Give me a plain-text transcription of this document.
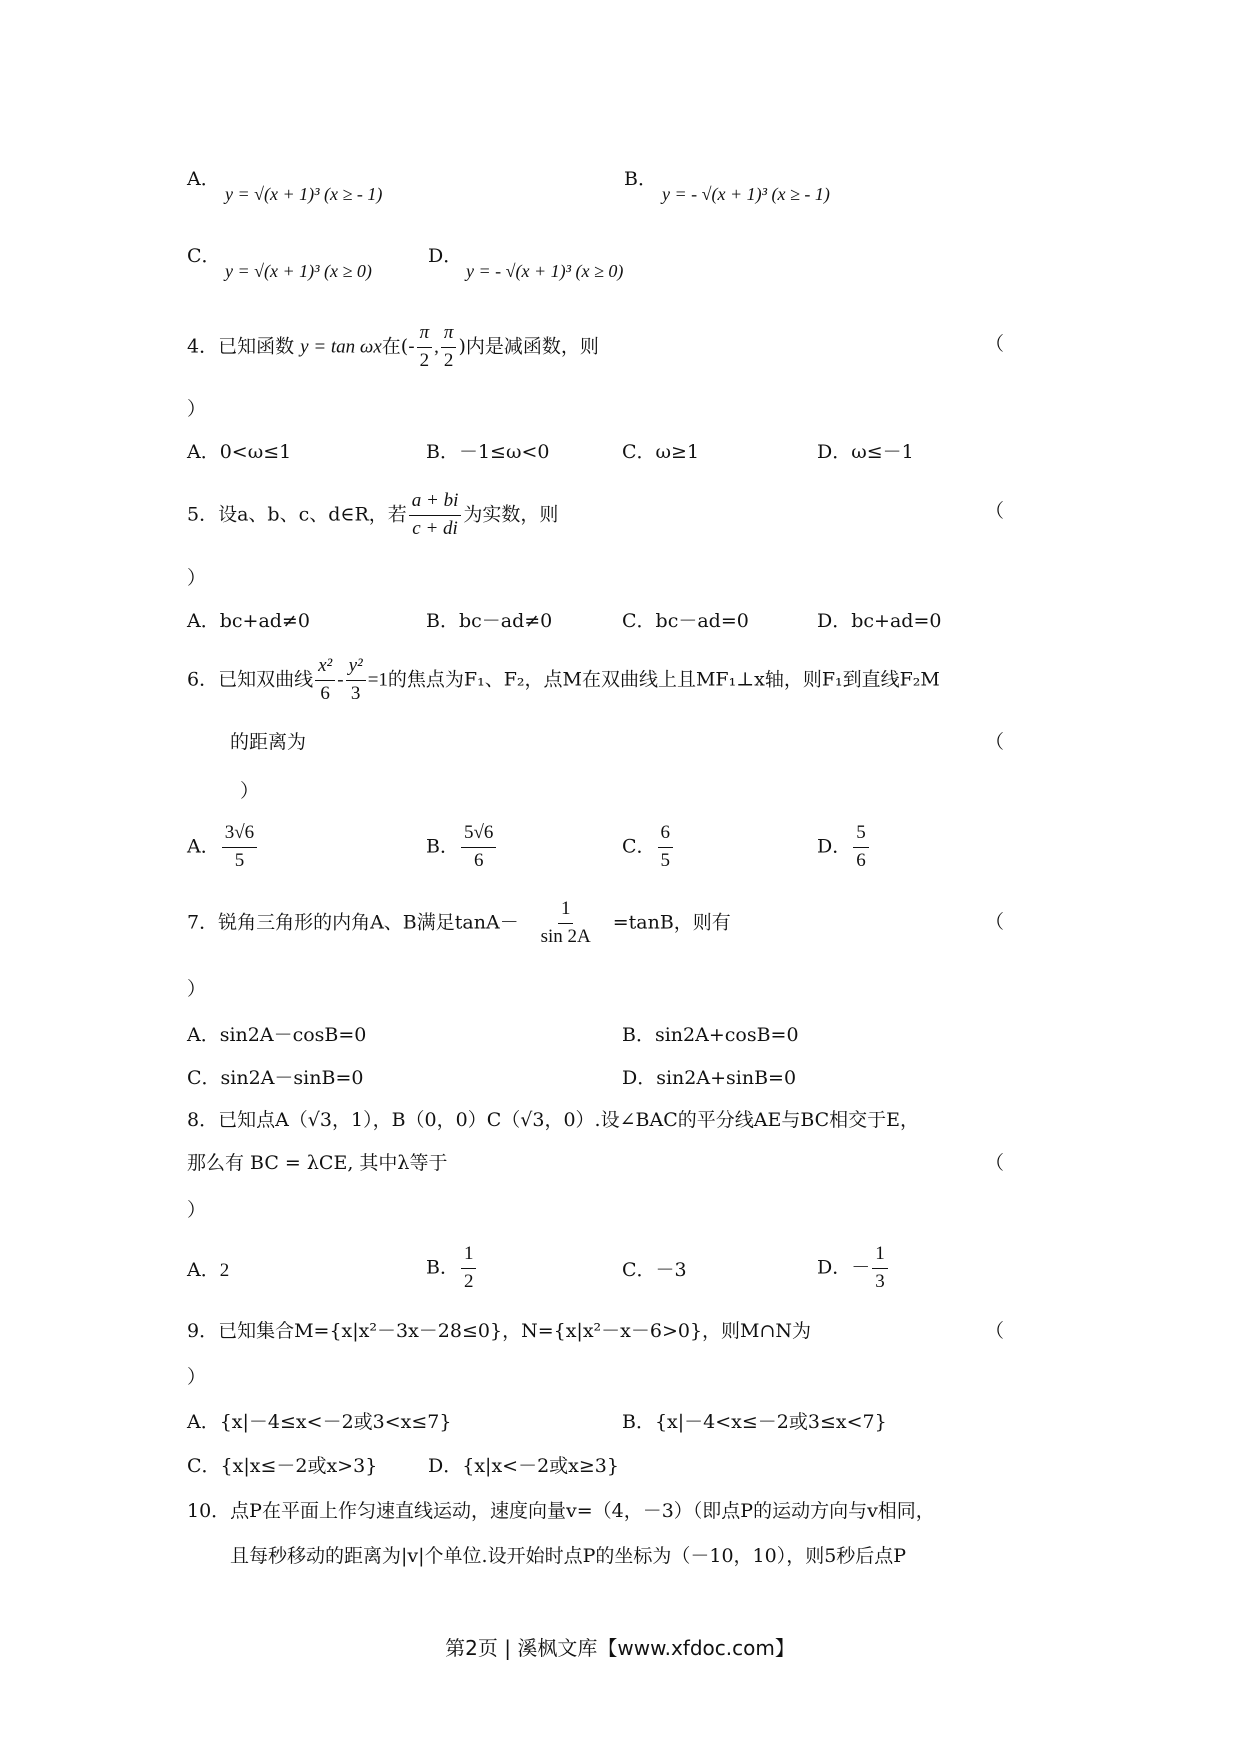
A．
y = √(x + 1)³ (x ≥ - 1)
B．
y = - √(x + 1)³ (x ≥ - 1)
C．
y = √(x + 1)³ (x ≥ 0)
D．
y = - √(x + 1)³ (x ≥ 0)
4．已知函数 y = tan ωx在(- $\frac{\pi}{2}$ , $\frac{\pi}{2}$ )内是减函数，则	（
）
A．0<ω≤1	B．－1≤ω<0	C．ω≥1	D．ω≤－1
5．设a、b、c、d∈R，若 $\frac{a + bi}{c + di}$ 为实数，则	（
）
A．bc+ad≠0	B．bc－ad≠0	C．bc－ad=0	D．bc+ad=0
6．已知双曲线 $\frac{\text{x²}}{6} - \frac{\text{y²}}{3} =1$的焦点为F₁、F₂，点M在双曲线上且MF₁⊥x轴，则F₁到直线F₂M
的距离为	（
）
A． $\frac{3√6}{5}$	B． $\frac{5√6}{6}$	C． $\frac{6}{5}$	D． $\frac{5}{6}$
7．锐角三角形的内角A、B满足$\tan A- \frac{1}{\sin 2A} =\tan B$，则有	（
）
A．sin2A－cosB=0	B．sin2A+cosB=0
C．sin2A－sinB=0	D．sin2A+sinB=0
8．已知点A（√3，1），B（0，0）C（√3，0）.设∠BAC的平分线AE与BC相交于E，
那么有 BC = λCE, 其中λ等于	（
）
A．2	B． $\frac{1}{2}$	C．－3	D．－ $\frac{1}{3}$
9．已知集合M={x|x²－3x－28≤0}，N={x|x²－x－6>0}，则M∩N为	（
）
A．{x|－4≤x<－2或3<x≤7}	B．{x|－4<x≤－2或3≤x<7}
C．{x|x≤－2或x>3}	D．{x|x<－2或x≥3}
10．点P在平面上作匀速直线运动，速度向量v=（4，－3）（即点P的运动方向与v相同，
且每秒移动的距离为|v|个单位.设开始时点P的坐标为（－10，10），则5秒后点P
第2页 | 溪枫文库【www.xfdoc.com】
